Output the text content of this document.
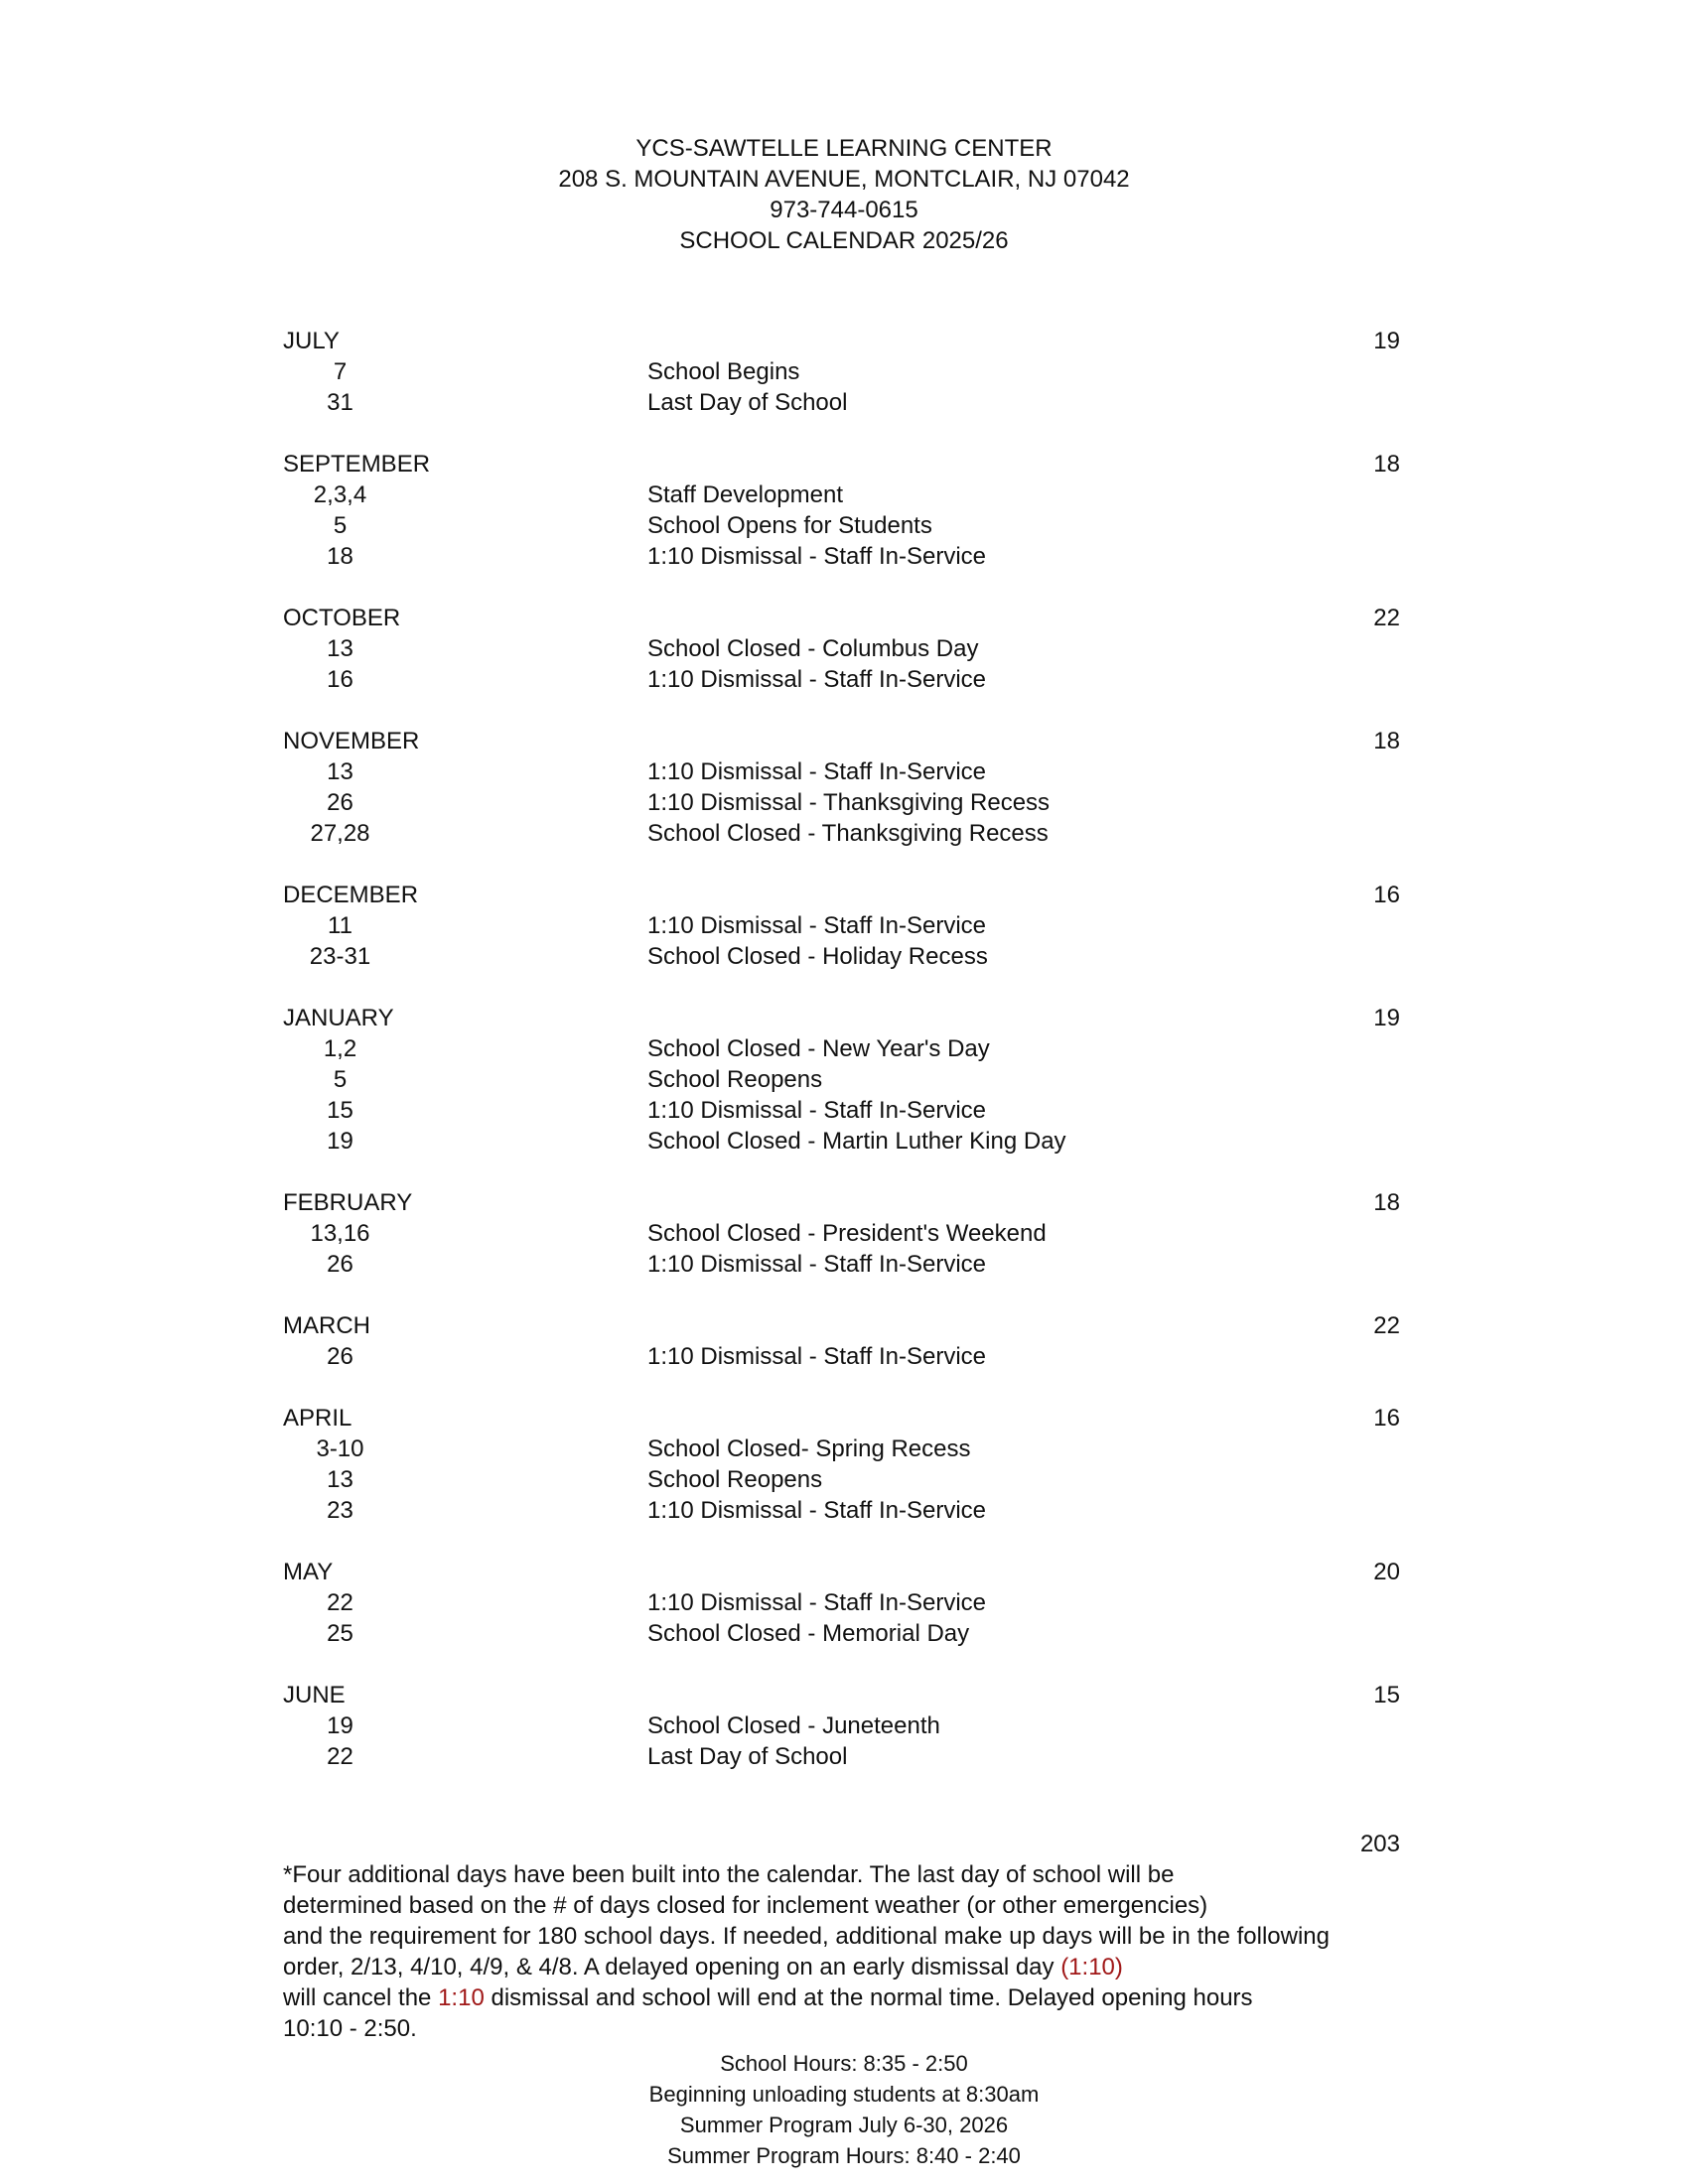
YCS-SAWTELLE LEARNING CENTER
208 S. MOUNTAIN AVENUE, MONTCLAIR, NJ 07042
973-744-0615
SCHOOL CALENDAR 2025/26
JULY	19
7	School Begins
31	Last Day of School
SEPTEMBER	18
2,3,4	Staff Development
5	School Opens for Students
18	1:10 Dismissal - Staff In-Service
OCTOBER	22
13	School Closed - Columbus Day
16	1:10 Dismissal - Staff In-Service
NOVEMBER	18
13	1:10 Dismissal - Staff In-Service
26	1:10 Dismissal - Thanksgiving Recess
27,28	School Closed - Thanksgiving Recess
DECEMBER	16
11	1:10 Dismissal - Staff In-Service
23-31	School Closed - Holiday Recess
JANUARY	19
1,2	School Closed - New Year's Day
5	School Reopens
15	1:10 Dismissal - Staff In-Service
19	School Closed - Martin Luther King Day
FEBRUARY	18
13,16	School Closed - President's Weekend
26	1:10 Dismissal - Staff In-Service
MARCH	22
26	1:10 Dismissal - Staff In-Service
APRIL	16
3-10	School Closed- Spring Recess
13	School Reopens
23	1:10 Dismissal - Staff In-Service
MAY	20
22	1:10 Dismissal - Staff In-Service
25	School Closed - Memorial Day
JUNE	15
19	School Closed - Juneteenth
22	Last Day of School
203
*Four additional days have been built into the calendar. The last day of school will be
determined based on the # of days closed for inclement weather (or other emergencies)
and the requirement for 180 school days. If needed, additional make up days will be in the following
order, 2/13, 4/10, 4/9, & 4/8. A delayed opening on an early dismissal day (1:10)
will cancel the 1:10 dismissal and school will end at the normal time. Delayed opening hours
10:10 - 2:50.
School Hours: 8:35 - 2:50
Beginning unloading students at 8:30am
Summer Program July 6-30, 2026
Summer Program Hours: 8:40 - 2:40
